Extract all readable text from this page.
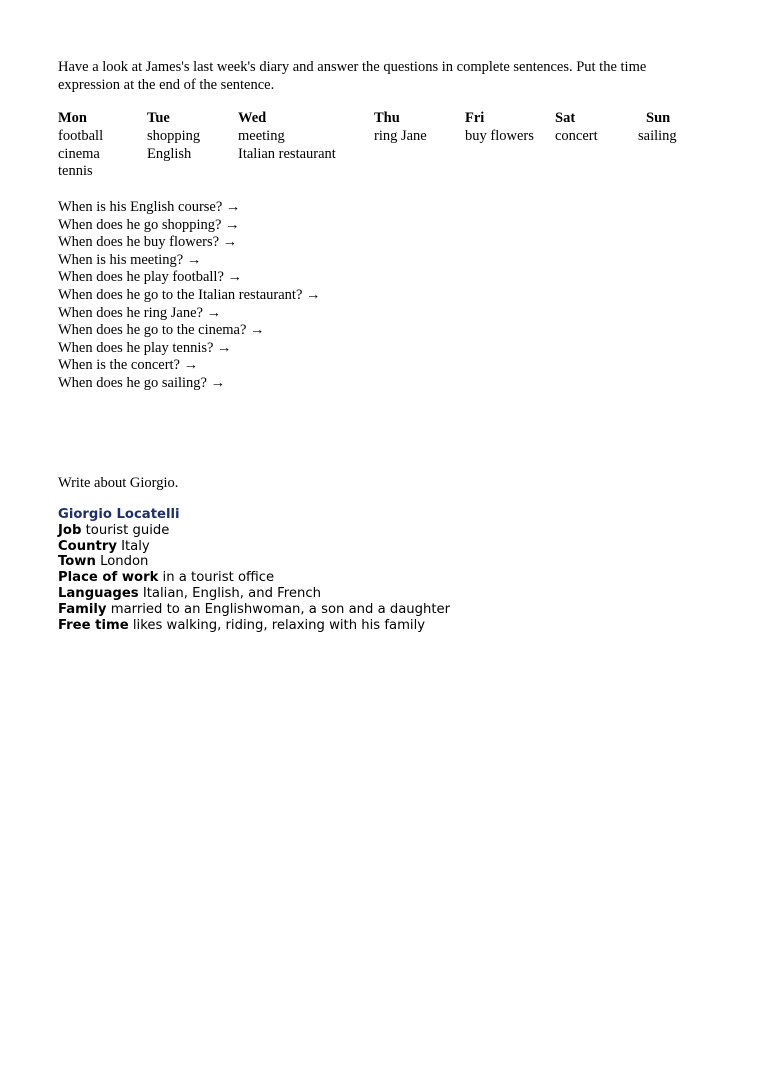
Have a look at James's last week's diary and answer the questions in complete sentences. Put the time expression at the end of the sentence.
Mon
football
cinema
tennis
Tue
shopping
English
Wed
meeting
Italian restaurant
Thu
ring Jane
Fri
buy flowers
Sat
concert
Sun
sailing
When is his English course? →
When does he go shopping? →
When does he buy flowers? →
When is his meeting? →
When does he play football? →
When does he go to the Italian restaurant? →
When does he ring Jane? →
When does he go to the cinema? →
When does he play tennis? →
When is the concert? →
When does he go sailing? →
Write about Giorgio.
Giorgio Locatelli
Job tourist guide
Country Italy
Town London
Place of work in a tourist office
Languages Italian, English, and French
Family married to an Englishwoman, a son and a daughter
Free time likes walking, riding, relaxing with his family
